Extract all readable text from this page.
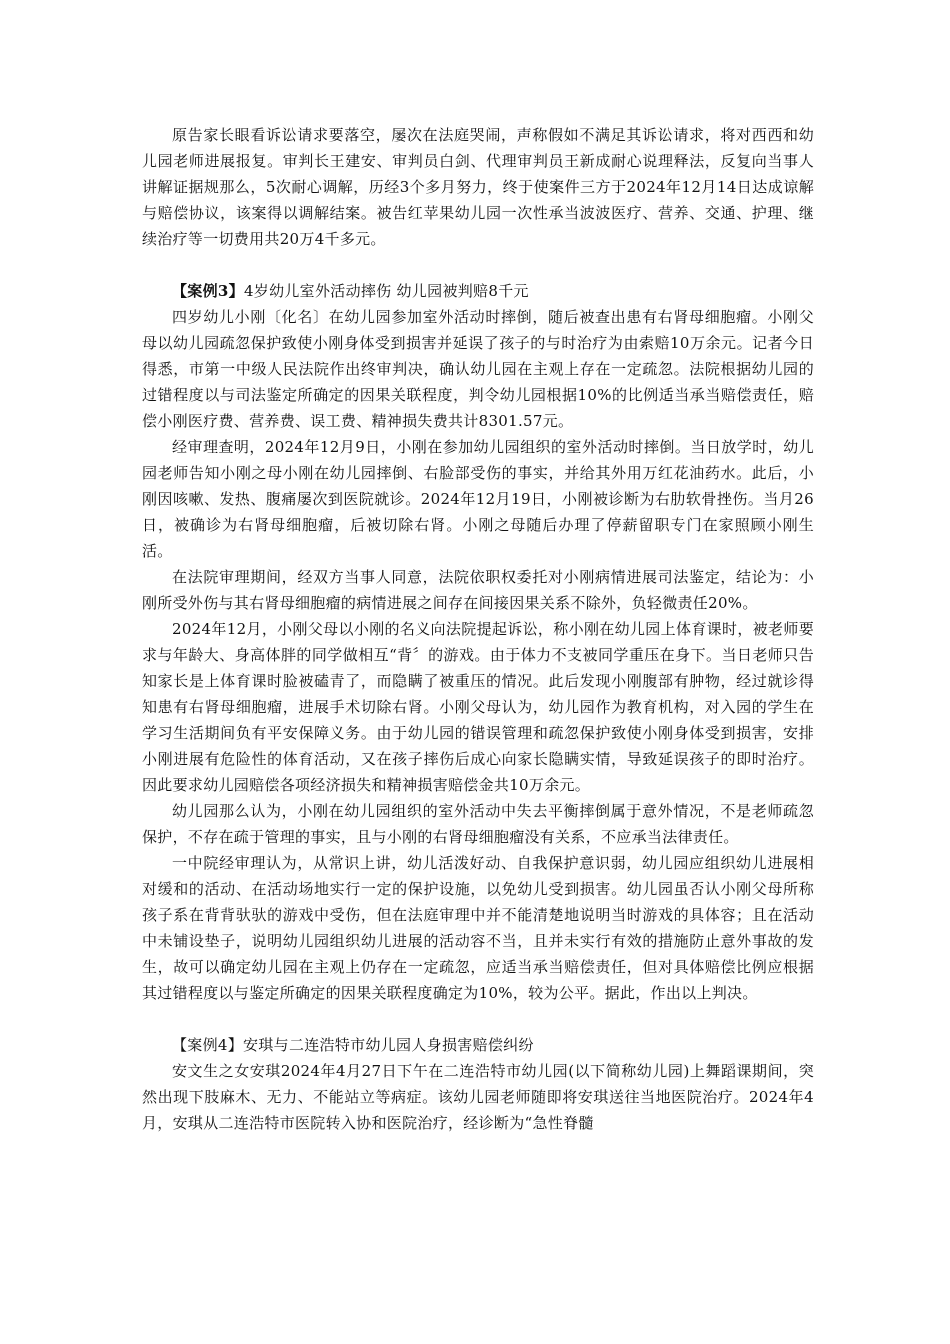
原告家长眼看诉讼请求要落空，屡次在法庭哭闹，声称假如不满足其诉讼请求，将对西西和幼儿园老师进展报复。审判长王建安、审判员白剑、代理审判员王新成耐心说理释法，反复向当事人讲解证据规那么，5次耐心调解，历经3个多月努力，终于使案件三方于2024年12月14日达成谅解与赔偿协议，该案得以调解结案。被告红苹果幼儿园一次性承当波波医疗、营养、交通、护理、继续治疗等一切费用共20万4千多元。

【案例3】4岁幼儿室外活动摔伤 幼儿园被判赔8千元

四岁幼儿小刚〔化名〕在幼儿园参加室外活动时摔倒，随后被查出患有右肾母细胞瘤。小刚父母以幼儿园疏忽保护致使小刚身体受到损害并延误了孩子的与时治疗为由索赔10万余元。记者今日得悉，市第一中级人民法院作出终审判决，确认幼儿园在主观上存在一定疏忽。法院根据幼儿园的过错程度以与司法鉴定所确定的因果关联程度，判令幼儿园根据10%的比例适当承当赔偿责任，赔偿小刚医疗费、营养费、误工费、精神损失费共计8301.57元。

经审理查明，2024年12月9日，小刚在参加幼儿园组织的室外活动时摔倒。当日放学时，幼儿园老师告知小刚之母小刚在幼儿园摔倒、右脸部受伤的事实，并给其外用万红花油药水。此后，小刚因咳嗽、发热、腹痛屡次到医院就诊。2024年12月19日，小刚被诊断为右肋软骨挫伤。当月26日，被确诊为右肾母细胞瘤，后被切除右肾。小刚之母随后办理了停薪留职专门在家照顾小刚生活。

在法院审理期间，经双方当事人同意，法院依职权委托对小刚病情进展司法鉴定，结论为：小刚所受外伤与其右肾母细胞瘤的病情进展之间存在间接因果关系不除外，负轻微责任20%。

2024年12月，小刚父母以小刚的名义向法院提起诉讼，称小刚在幼儿园上体育课时，被老师要求与年龄大、身高体胖的同学做相互“背〞的游戏。由于体力不支被同学重压在身下。当日老师只告知家长是上体育课时脸被磕青了，而隐瞒了被重压的情况。此后发现小刚腹部有肿物，经过就诊得知患有右肾母细胞瘤，进展手术切除右肾。小刚父母认为，幼儿园作为教育机构，对入园的学生在学习生活期间负有平安保障义务。由于幼儿园的错误管理和疏忽保护致使小刚身体受到损害，安排小刚进展有危险性的体育活动，又在孩子摔伤后成心向家长隐瞒实情，导致延误孩子的即时治疗。因此要求幼儿园赔偿各项经济损失和精神损害赔偿金共10万余元。

幼儿园那么认为，小刚在幼儿园组织的室外活动中失去平衡摔倒属于意外情况，不是老师疏忽保护，不存在疏于管理的事实，且与小刚的右肾母细胞瘤没有关系，不应承当法律责任。

一中院经审理认为，从常识上讲，幼儿活泼好动、自我保护意识弱，幼儿园应组织幼儿进展相对缓和的活动、在活动场地实行一定的保护设施，以免幼儿受到损害。幼儿园虽否认小刚父母所称孩子系在背背驮驮的游戏中受伤，但在法庭审理中并不能清楚地说明当时游戏的具体容；且在活动中未铺设垫子，说明幼儿园组织幼儿进展的活动容不当，且并未实行有效的措施防止意外事故的发生，故可以确定幼儿园在主观上仍存在一定疏忽，应适当承当赔偿责任，但对具体赔偿比例应根据其过错程度以与鉴定所确定的因果关联程度确定为10%，较为公平。据此，作出以上判决。

【案例4】安琪与二连浩特市幼儿园人身损害赔偿纠纷

安文生之女安琪2024年4月27日下午在二连浩特市幼儿园(以下简称幼儿园)上舞蹈课期间，突然出现下肢麻木、无力、不能站立等病症。该幼儿园老师随即将安琪送往当地医院治疗。2024年4月，安琪从二连浩特市医院转入协和医院治疗，经诊断为“急性脊髓
